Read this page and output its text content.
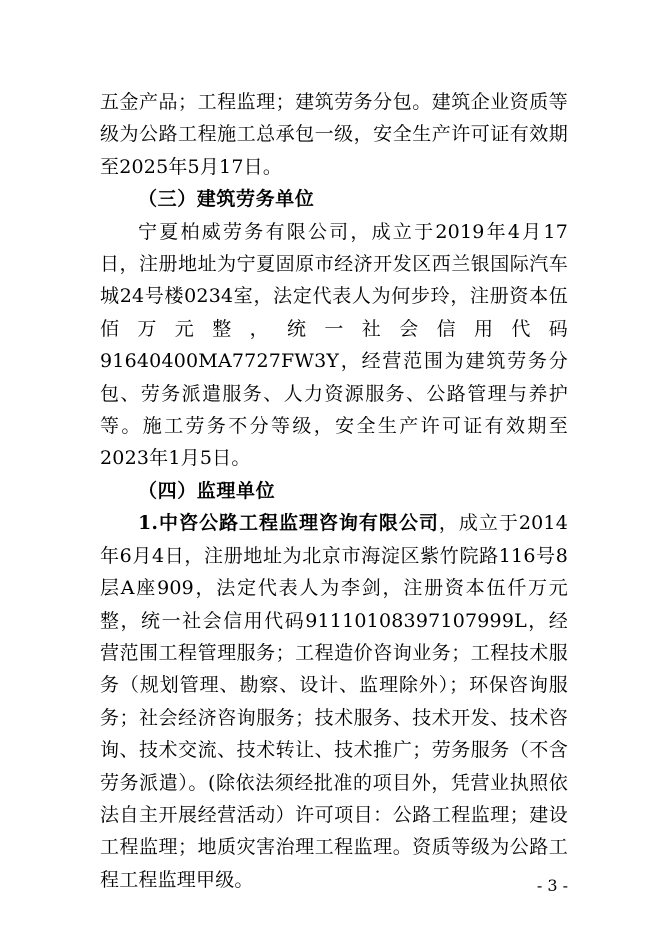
五金产品；工程监理；建筑劳务分包。建筑企业资质等级为公路工程施工总承包一级，安全生产许可证有效期至2025年5月17日。

（三）建筑劳务单位

宁夏柏威劳务有限公司，成立于2019年4月17日，注册地址为宁夏固原市经济开发区西兰银国际汽车城24号楼0234室，法定代表人为何步玲，注册资本伍佰万元整，统一社会信用代码91640400MA7727FW3Y，经营范围为建筑劳务分包、劳务派遣服务、人力资源服务、公路管理与养护等。施工劳务不分等级，安全生产许可证有效期至2023年1月5日。

（四）监理单位

1.中咨公路工程监理咨询有限公司，成立于2014年6月4日，注册地址为北京市海淀区紫竹院路116号8层A座909，法定代表人为李剑，注册资本伍仟万元整，统一社会信用代码91110108397107999L，经营范围工程管理服务；工程造价咨询业务；工程技术服务（规划管理、勘察、设计、监理除外）；环保咨询服务；社会经济咨询服务；技术服务、技术开发、技术咨询、技术交流、技术转让、技术推广；劳务服务（不含劳务派遣）。(除依法须经批准的项目外，凭营业执照依法自主开展经营活动）许可项目：公路工程监理；建设工程监理；地质灾害治理工程监理。资质等级为公路工程工程监理甲级。	- 3 -
